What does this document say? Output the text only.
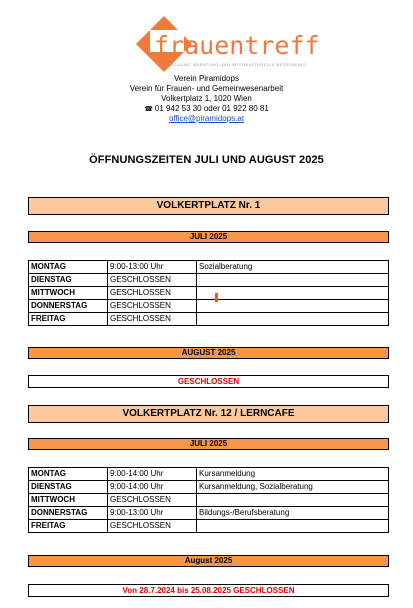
frauentreff
BILDUNG, BERATUNG UND INTERKULTURELLE BEGEGNUNG
Verein Piramidops
Verein für Frauen- und Gemeinwesenarbeit
Volkertplatz 1, 1020 Wien
☎ 01 942 53 30 oder 01 922 80 81
office@piramidops.at
ÖFFNUNGSZEITEN JULI UND AUGUST 2025
VOLKERTPLATZ Nr. 1
JULI 2025
MONTAG	9:00-13:00 Uhr	Sozialberatung
DIENSTAG	GESCHLOSSEN	
MITTWOCH	GESCHLOSSEN	
DONNERSTAG	GESCHLOSSEN	
FREITAG	GESCHLOSSEN	
AUGUST 2025
GESCHLOSSEN
VOLKERTPLATZ Nr. 12 / LERNCAFE
JULI 2025
MONTAG	9:00-14:00 Uhr	Kursanmeldung
DIENSTAG	9:00-14:00 Uhr	Kursanmeldung, Sozialberatung
MITTWOCH	GESCHLOSSEN	
DONNERSTAG	9:00-13:00 Uhr	Bildungs-/Berufsberatung
FREITAG	GESCHLOSSEN	
August 2025
Von 28.7.2024 bis 25.08.2025 GESCHLOSSEN
